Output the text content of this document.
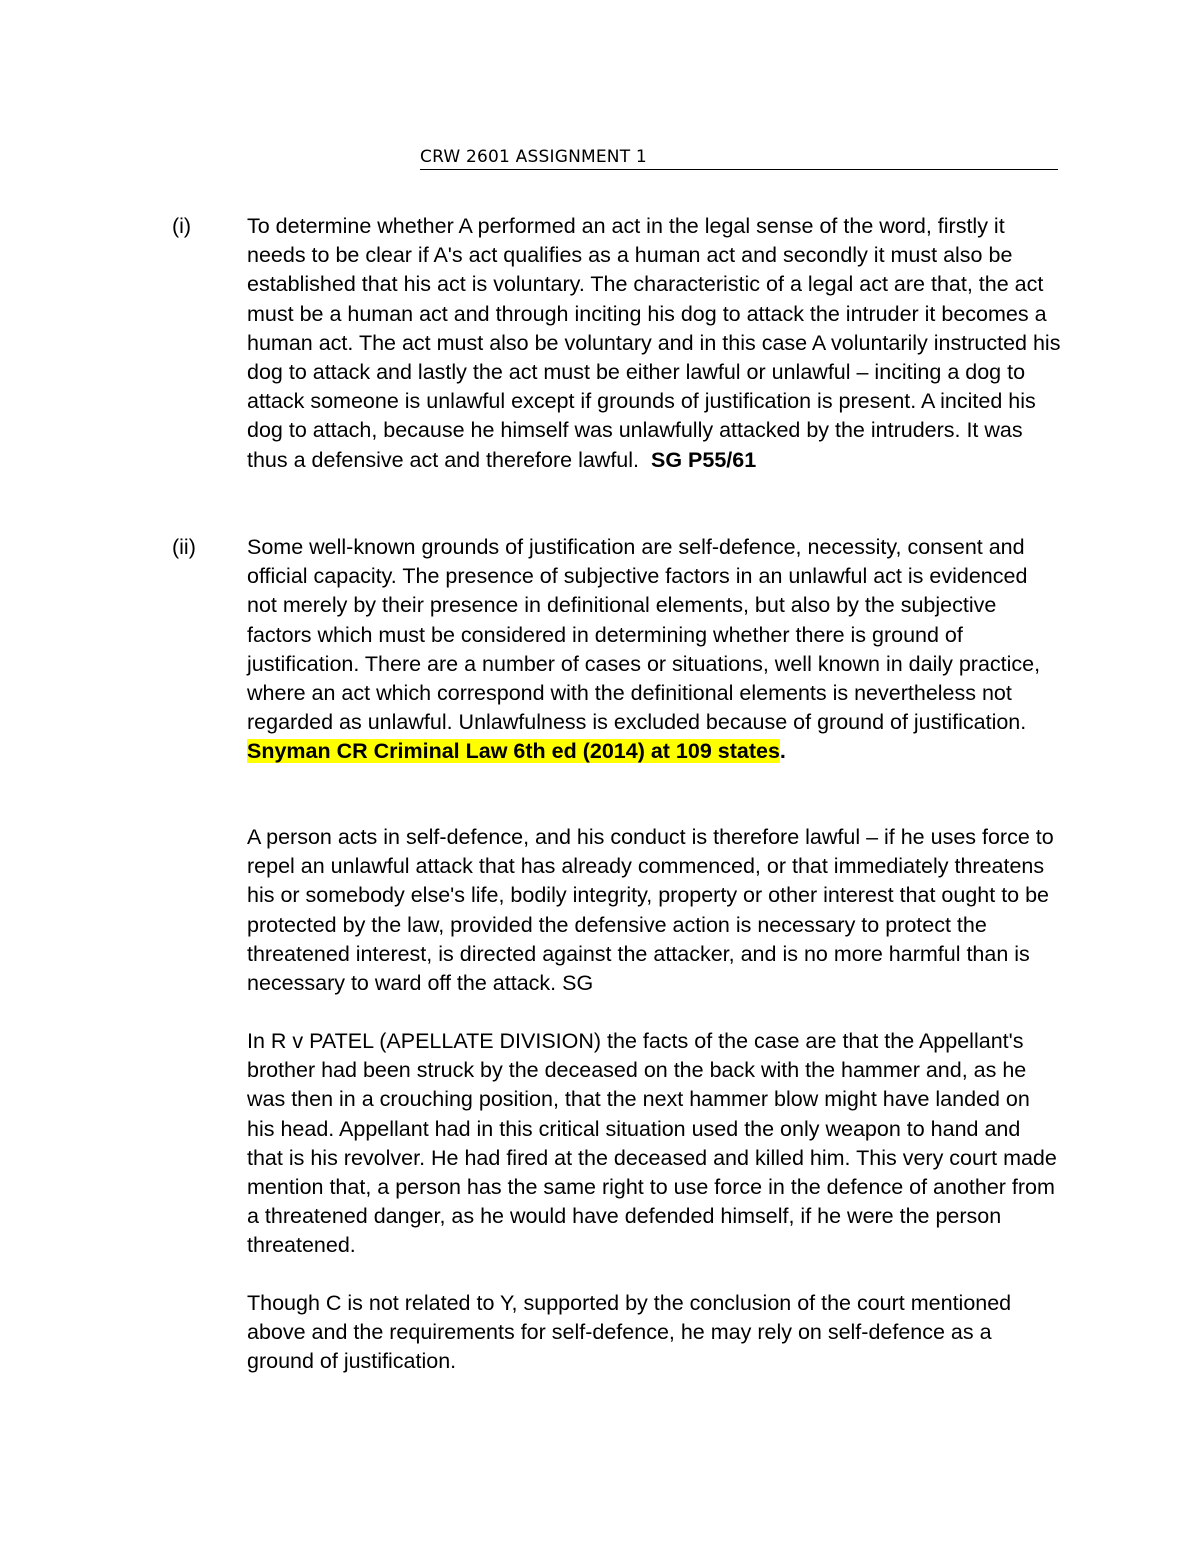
CRW 2601 ASSIGNMENT 1
(i)	To determine whether A performed an act in the legal sense of the word, firstly it needs to be clear if A's act qualifies as a human act and secondly it must also be established that his act is voluntary. The characteristic of a legal act are that, the act must be a human act and through inciting his dog to attack the intruder it becomes a human act. The act must also be voluntary and in this case A voluntarily instructed his dog to attack and lastly the act must be either lawful or unlawful – inciting a dog to attack someone is unlawful except if grounds of justification is present. A incited his dog to attach, because he himself was unlawfully attacked by the intruders. It was thus a defensive act and therefore lawful. SG P55/61

(ii) Some well-known grounds of justification are self-defence, necessity, consent and official capacity. The presence of subjective factors in an unlawful act is evidenced not merely by their presence in definitional elements, but also by the subjective factors which must be considered in determining whether there is ground of justification. There are a number of cases or situations, well known in daily practice, where an act which correspond with the definitional elements is nevertheless not regarded as unlawful. Unlawfulness is excluded because of ground of justification. Snyman CR Criminal Law 6th ed (2014) at 109 states.

A person acts in self-defence, and his conduct is therefore lawful – if he uses force to repel an unlawful attack that has already commenced, or that immediately threatens his or somebody else's life, bodily integrity, property or other interest that ought to be protected by the law, provided the defensive action is necessary to protect the threatened interest, is directed against the attacker, and is no more harmful than is necessary to ward off the attack. SG

In R v PATEL (APELLATE DIVISION) the facts of the case are that the Appellant's brother had been struck by the deceased on the back with the hammer and, as he was then in a crouching position, that the next hammer blow might have landed on his head. Appellant had in this critical situation used the only weapon to hand and that is his revolver. He had fired at the deceased and killed him. This very court made mention that, a person has the same right to use force in the defence of another from a threatened danger, as he would have defended himself, if he were the person threatened.

Though C is not related to Y, supported by the conclusion of the court mentioned above and the requirements for self-defence, he may rely on self-defence as a ground of justification.
